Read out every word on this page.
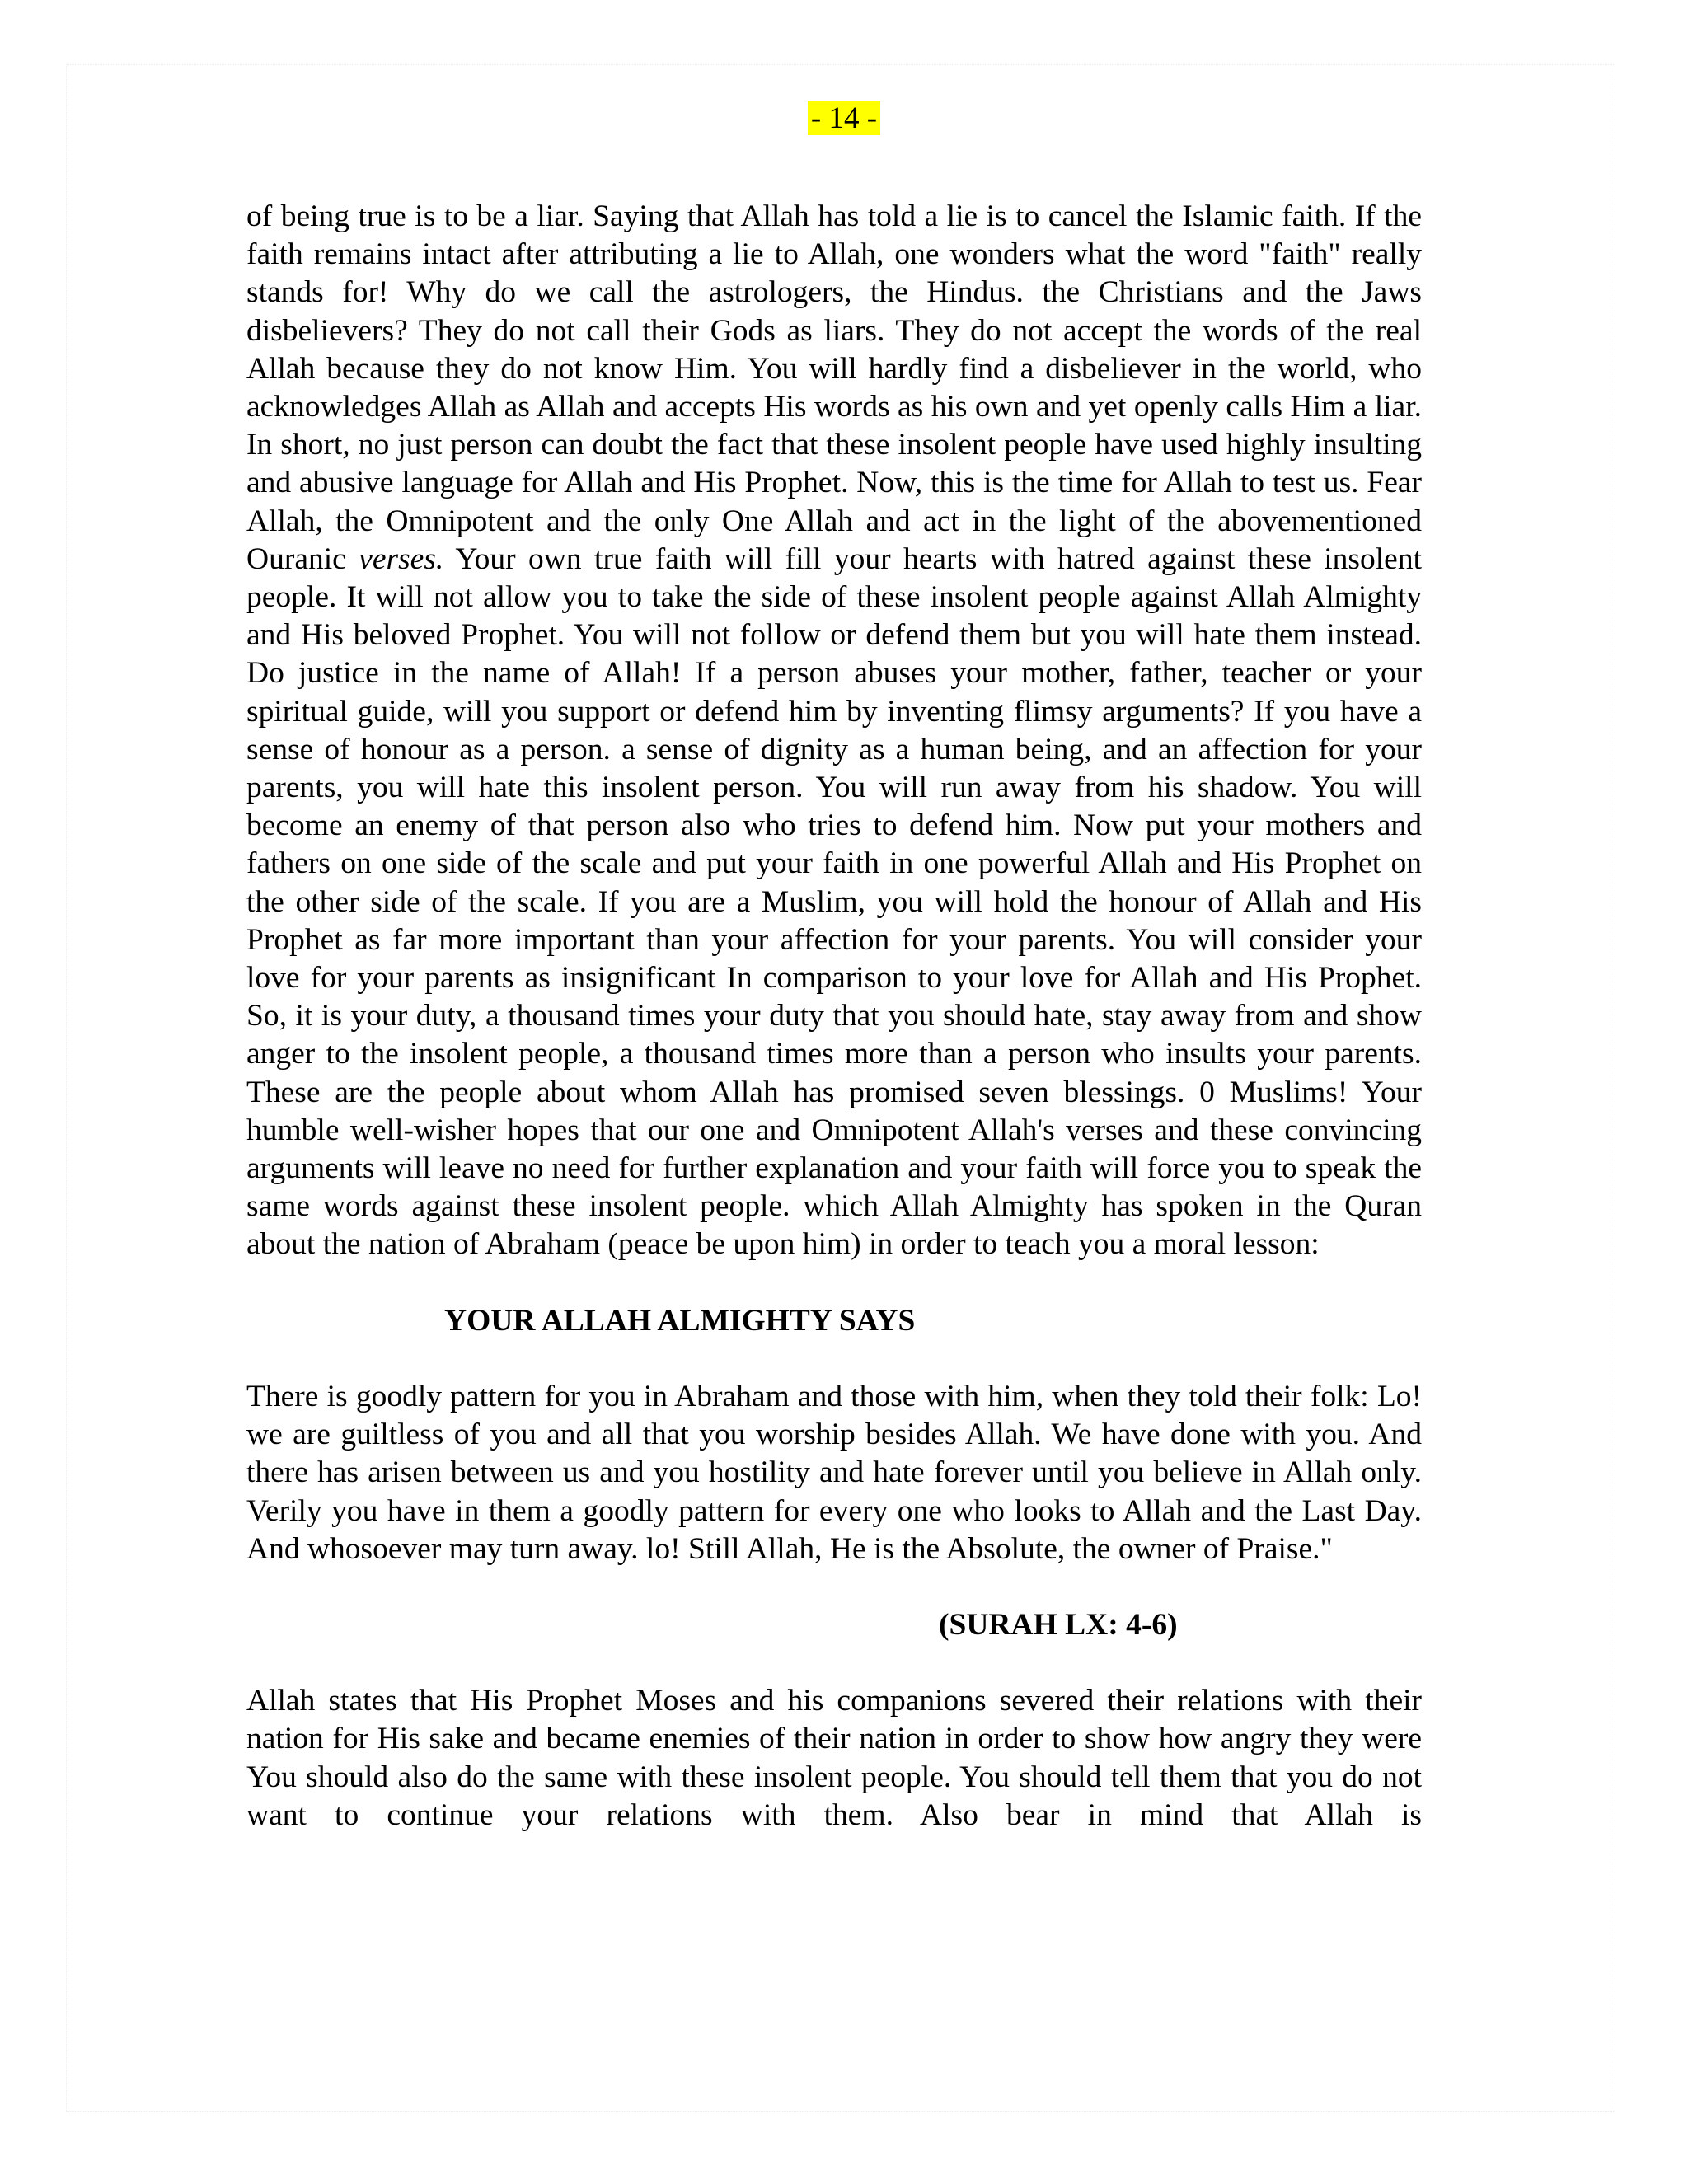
- 14 -

of being true is to be a liar. Saying that Allah has told a lie is to cancel the Islamic faith. If the faith remains intact after attributing a lie to Allah, one wonders what the word "faith" really stands for! Why do we call the astrologers, the Hindus. the Christians and the Jaws disbelievers? They do not call their Gods as liars. They do not accept the words of the real Allah because they do not know Him. You will hardly find a disbeliever in the world, who acknowledges Allah as Allah and accepts His words as his own and yet openly calls Him a liar. In short, no just person can doubt the fact that these insolent people have used highly insulting and abusive language for Allah and His Prophet. Now, this is the time for Allah to test us. Fear Allah, the Omnipotent and the only One Allah and act in the light of the abovementioned Ouranic verses. Your own true faith will fill your hearts with hatred against these insolent people. It will not allow you to take the side of these insolent people against Allah Almighty and His beloved Prophet. You will not follow or defend them but you will hate them instead. Do justice in the name of Allah! If a person abuses your mother, father, teacher or your spiritual guide, will you support or defend him by inventing flimsy arguments? If you have a sense of honour as a person. a sense of dignity as a human being, and an affection for your parents, you will hate this insolent person. You will run away from his shadow. You will become an enemy of that person also who tries to defend him. Now put your mothers and fathers on one side of the scale and put your faith in one powerful Allah and His Prophet on the other side of the scale. If you are a Muslim, you will hold the honour of Allah and His Prophet as far more important than your affection for your parents. You will consider your love for your parents as insignificant In comparison to your love for Allah and His Prophet. So, it is your duty, a thousand times your duty that you should hate, stay away from and show anger to the insolent people, a thousand times more than a person who insults your parents. These are the people about whom Allah has promised seven blessings. 0 Muslims! Your humble well-wisher hopes that our one and Omnipotent Allah's verses and these convincing arguments will leave no need for further explanation and your faith will force you to speak the same words against these insolent people. which Allah Almighty has spoken in the Quran about the nation of Abraham (peace be upon him) in order to teach you a moral lesson:

YOUR ALLAH ALMIGHTY SAYS

There is goodly pattern for you in Abraham and those with him, when they told their folk: Lo! we are guiltless of you and all that you worship besides Allah. We have done with you. And there has arisen between us and you hostility and hate forever until you believe in Allah only. Verily you have in them a goodly pattern for every one who looks to Allah and the Last Day. And whosoever may turn away. lo! Still Allah, He is the Absolute, the owner of Praise."

(SURAH LX: 4-6)

Allah states that His Prophet Moses and his companions severed their relations with their nation for His sake and became enemies of their nation in order to show how angry they were You should also do the same with these insolent people. You should tell them that you do not want to continue your relations with them. Also bear in mind that Allah is
